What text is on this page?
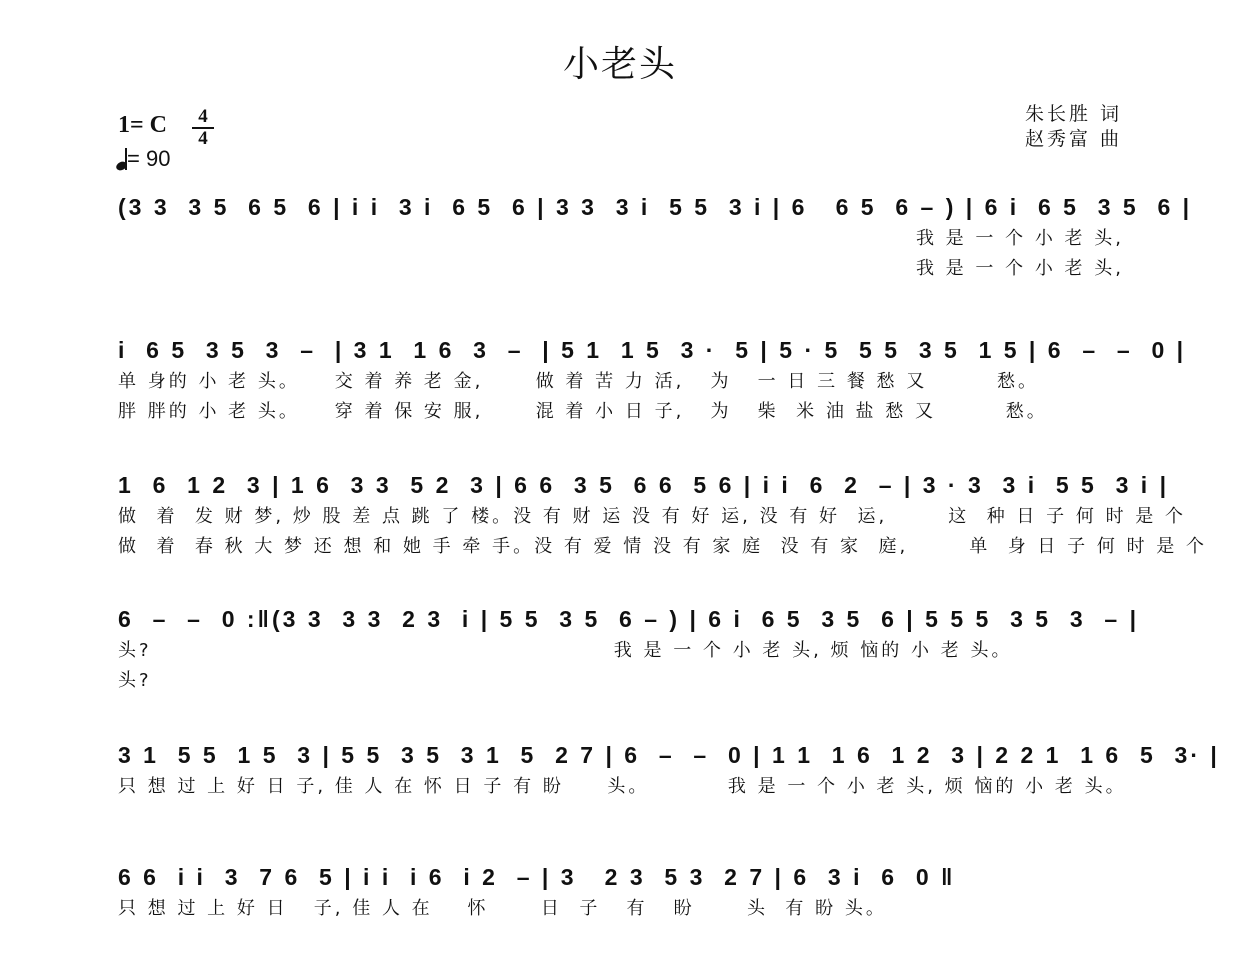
小老头
1= C	4
4
= 90
朱长胜 词
赵秀富 曲
(3 3  3 5  6 5  6 | i i  3 i  6 5  6 | 3 3  3 i  5 5  3 i | 6   6 5  6 – ) | 6 i  6 5  3 5  6 |
我 是 一 个 小 老 头,
我 是 一 个 小 老 头,
i  6 5  3 5  3  –  | 3 1  1 6  3  –  | 5 1  1 5  3 ·  5 | 5 · 5  5 5  3 5  1 5 | 6  –  –  0 |
单 身的 小 老 头。    交 着 养 老 金,      做 着 苦 力 活,   为   一 日 三 餐 愁 又        愁。
胖 胖的 小 老 头。    穿 着 保 安 服,      混 着 小 日 子,   为   柴  米 油 盐 愁 又        愁。
1  6  1 2  3 | 1 6  3 3  5 2  3 | 6 6  3 5  6 6  5 6 | i i  6  2  – | 3 · 3  3 i  5 5  3 i |
做  着  发 财 梦, 炒 股 差 点 跳 了 楼。没 有 财 运 没 有 好 运, 没 有 好  运,       这  种 日 子 何 时 是 个
做  着  春 秋 大 梦 还 想 和 她 手 牵 手。没 有 爱 情 没 有 家 庭  没 有 家  庭,       单  身 日 子 何 时 是 个
6  –  –  0 :‖(3 3  3 3  2 3  i | 5 5  3 5  6 – ) | 6 i  6 5  3 5  6 | 5 5 5  3 5  3  – |
头?                                                     我 是 一 个 小 老 头, 烦 恼的 小 老 头。
头?
3 1  5 5  1 5  3 | 5 5  3 5  3 1  5  2 7 | 6  –  –  0 | 1 1  1 6  1 2  3 | 2 2 1  1 6  5  3· |
只 想 过 上 好 日 子, 佳 人 在 怀 日 子 有 盼     头。         我 是 一 个 小 老 头, 烦 恼的 小 老 头。
6 6  i i  3  7 6  5 | i i  i 6  i 2  – | 3   2 3  5 3  2 7 | 6  3 i  6  0 ‖
只 想 过 上 好 日   子, 佳 人 在    怀      日  子   有   盼      头  有 盼 头。
